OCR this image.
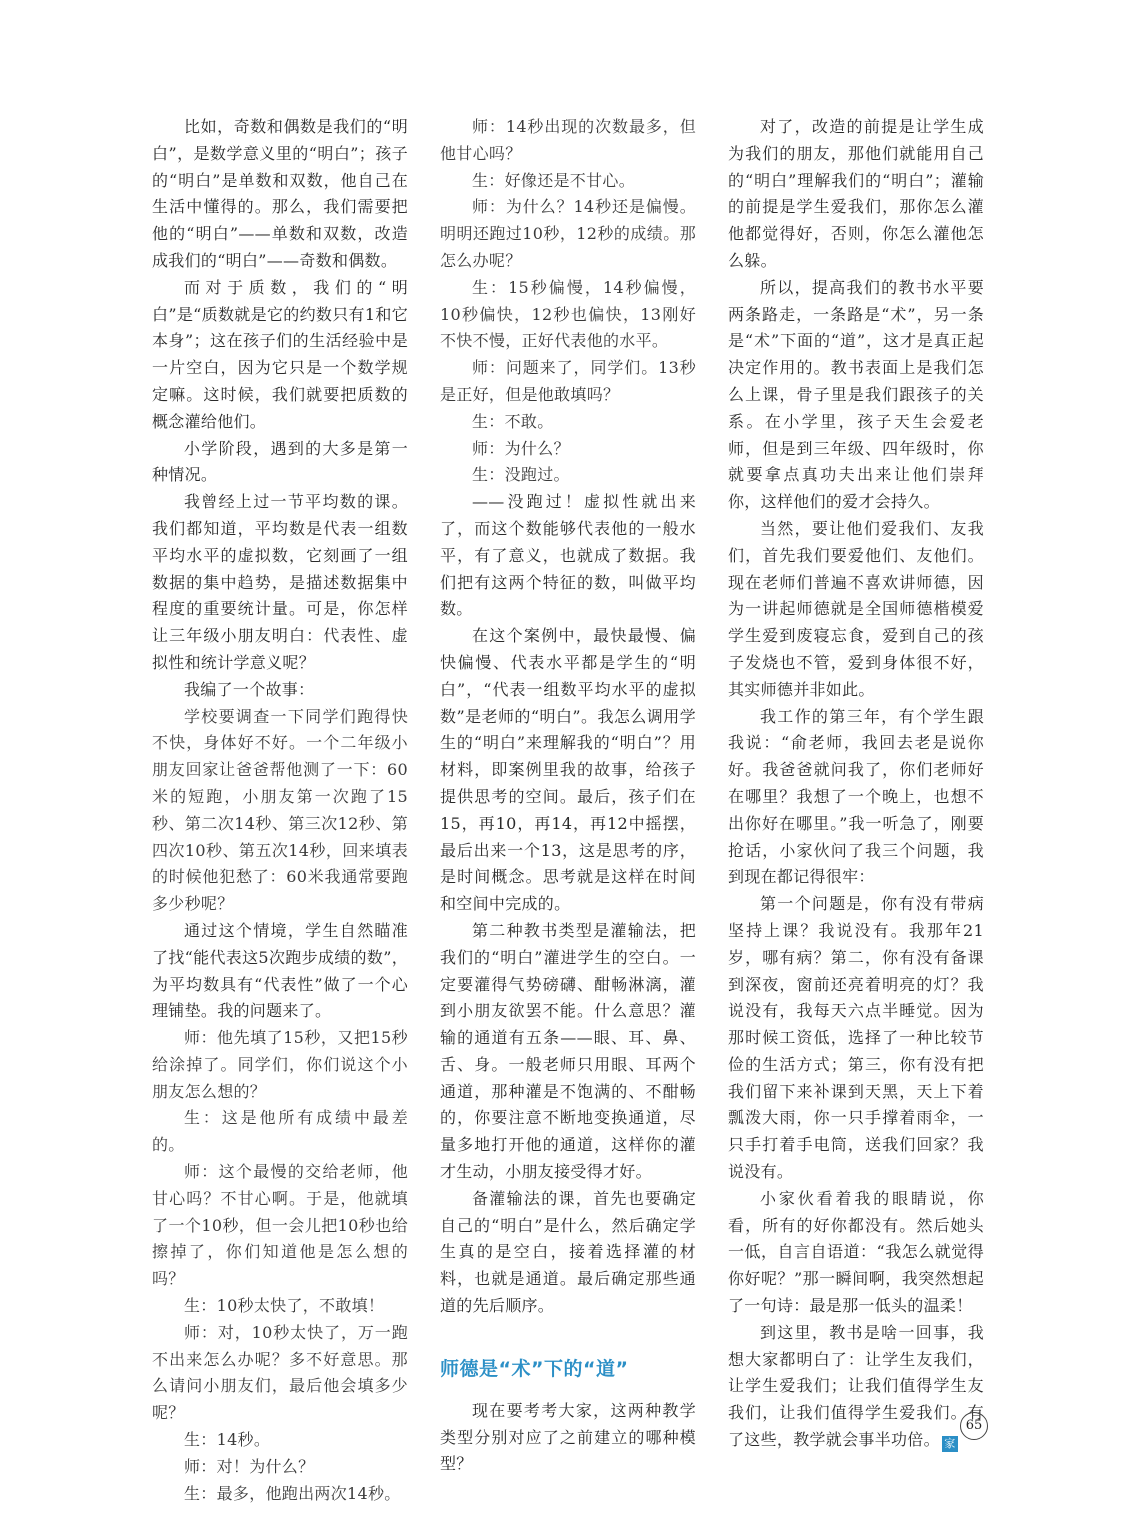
比如，奇数和偶数是我们的“明白”，是数学意义里的“明白”；孩子的“明白”是单数和双数，他自己在生活中懂得的。那么，我们需要把他的“明白”——单数和双数，改造成我们的“明白”——奇数和偶数。

而对于质数，我们的“明白”是“质数就是它的约数只有1和它本身”；这在孩子们的生活经验中是一片空白，因为它只是一个数学规定嘛。这时候，我们就要把质数的概念灌给他们。

小学阶段，遇到的大多是第一种情况。

我曾经上过一节平均数的课。我们都知道，平均数是代表一组数平均水平的虚拟数，它刻画了一组数据的集中趋势，是描述数据集中程度的重要统计量。可是，你怎样让三年级小朋友明白：代表性、虚拟性和统计学意义呢？

我编了一个故事：

学校要调查一下同学们跑得快不快，身体好不好。一个二年级小朋友回家让爸爸帮他测了一下：60米的短跑，小朋友第一次跑了15秒、第二次14秒、第三次12秒、第四次10秒、第五次14秒，回来填表的时候他犯愁了：60米我通常要跑多少秒呢？

通过这个情境，学生自然瞄准了找“能代表这5次跑步成绩的数”，为平均数具有“代表性”做了一个心理铺垫。我的问题来了。

师：他先填了15秒，又把15秒给涂掉了。同学们，你们说这个小朋友怎么想的？

生：这是他所有成绩中最差的。

师：这个最慢的交给老师，他甘心吗？不甘心啊。于是，他就填了一个10秒，但一会儿把10秒也给擦掉了，你们知道他是怎么想的吗？

生：10秒太快了，不敢填！

师：对，10秒太快了，万一跑不出来怎么办呢？多不好意思。那么请问小朋友们，最后他会填多少呢？

生：14秒。

师：对！为什么？

生：最多，他跑出两次14秒。

师：14秒出现的次数最多，但他甘心吗？

生：好像还是不甘心。

师：为什么？14秒还是偏慢。明明还跑过10秒，12秒的成绩。那怎么办呢？

生：15秒偏慢，14秒偏慢，10秒偏快，12秒也偏快，13刚好不快不慢，正好代表他的水平。

师：问题来了，同学们。13秒是正好，但是他敢填吗？

生：不敢。

师：为什么？

生：没跑过。

——没跑过！虚拟性就出来了，而这个数能够代表他的一般水平，有了意义，也就成了数据。我们把有这两个特征的数，叫做平均数。

在这个案例中，最快最慢、偏快偏慢、代表水平都是学生的“明白”，“代表一组数平均水平的虚拟数”是老师的“明白”。我怎么调用学生的“明白”来理解我的“明白”？用材料，即案例里我的故事，给孩子提供思考的空间。最后，孩子们在15，再10，再14，再12中摇摆，最后出来一个13，这是思考的序，是时间概念。思考就是这样在时间和空间中完成的。

第二种教书类型是灌输法，把我们的“明白”灌进学生的空白。一定要灌得气势磅礴、酣畅淋漓，灌到小朋友欲罢不能。什么意思？灌输的通道有五条——眼、耳、鼻、舌、身。一般老师只用眼、耳两个通道，那种灌是不饱满的、不酣畅的，你要注意不断地变换通道，尽量多地打开他的通道，这样你的灌才生动，小朋友接受得才好。

备灌输法的课，首先也要确定自己的“明白”是什么，然后确定学生真的是空白，接着选择灌的材料，也就是通道。最后确定那些通道的先后顺序。

师德是“术”下的“道”

现在要考考大家，这两种教学类型分别对应了之前建立的哪种模型？

对了，改造的前提是让学生成为我们的朋友，那他们就能用自己的“明白”理解我们的“明白”；灌输的前提是学生爱我们，那你怎么灌他都觉得好，否则，你怎么灌他怎么躲。

所以，提高我们的教书水平要两条路走，一条路是“术”，另一条是“术”下面的“道”，这才是真正起决定作用的。教书表面上是我们怎么上课，骨子里是我们跟孩子的关系。在小学里，孩子天生会爱老师，但是到三年级、四年级时，你就要拿点真功夫出来让他们崇拜你，这样他们的爱才会持久。

当然，要让他们爱我们、友我们，首先我们要爱他们、友他们。现在老师们普遍不喜欢讲师德，因为一讲起师德就是全国师德楷模爱学生爱到废寝忘食，爱到自己的孩子发烧也不管，爱到身体很不好，其实师德并非如此。

我工作的第三年，有个学生跟我说：“俞老师，我回去老是说你好。我爸爸就问我了，你们老师好在哪里？我想了一个晚上，也想不出你好在哪里。”我一听急了，刚要抢话，小家伙问了我三个问题，我到现在都记得很牢：

第一个问题是，你有没有带病坚持上课？我说没有。我那年21岁，哪有病？第二，你有没有备课到深夜，窗前还亮着明亮的灯？我说没有，我每天六点半睡觉。因为那时候工资低，选择了一种比较节俭的生活方式；第三，你有没有把我们留下来补课到天黑，天上下着瓢泼大雨，你一只手撑着雨伞，一只手打着手电筒，送我们回家？我说没有。

小家伙看着我的眼睛说，你看，所有的好你都没有。然后她头一低，自言自语道：“我怎么就觉得你好呢？”那一瞬间啊，我突然想起了一句诗：最是那一低头的温柔！

到这里，教书是啥一回事，我想大家都明白了：让学生友我们，让学生爱我们；让我们值得学生友我们，让我们值得学生爱我们。有了这些，教学就会事半功倍。 家

65
